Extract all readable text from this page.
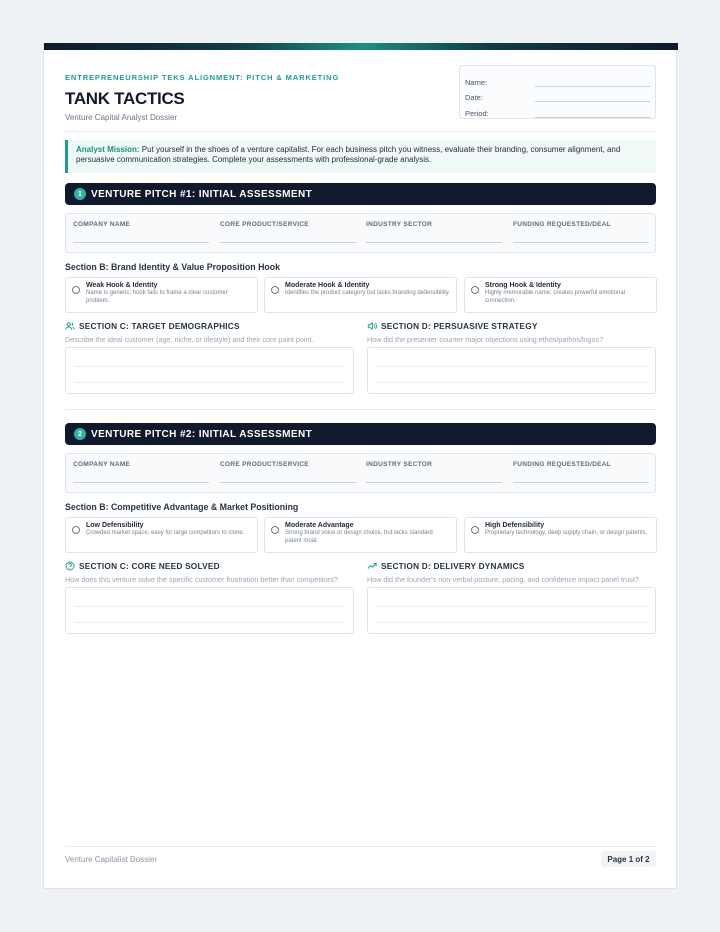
ENTREPRENEURSHIP TEKS ALIGNMENT: PITCH & MARKETING
TANK TACTICS
Venture Capital Analyst Dossier
Name:
Date:
Period:
Analyst Mission: Put yourself in the shoes of a venture capitalist. For each business pitch you witness, evaluate their branding, consumer alignment, and persuasive communication strategies. Complete your assessments with professional-grade analysis.
1 VENTURE PITCH #1: INITIAL ASSESSMENT
COMPANY NAME	CORE PRODUCT/SERVICE	INDUSTRY SECTOR	FUNDING REQUESTED/DEAL
Section B: Brand Identity & Value Proposition Hook
Weak Hook & Identity
Name is generic; hook fails to frame a clear customer problem.
Moderate Hook & Identity
Identifies the product category but lacks branding defensibility.
Strong Hook & Identity
Highly memorable name; creates powerful emotional connection.
SECTION C: TARGET DEMOGRAPHICS
Describe the ideal customer (age, niche, or lifestyle) and their core paint point.
SECTION D: PERSUASIVE STRATEGY
How did the presenter counter major objections using ethos/pathos/logos?
2 VENTURE PITCH #2: INITIAL ASSESSMENT
COMPANY NAME	CORE PRODUCT/SERVICE	INDUSTRY SECTOR	FUNDING REQUESTED/DEAL
Section B: Competitive Advantage & Market Positioning
Low Defensibility
Crowded market space; easy for large competitors to clone.
Moderate Advantage
Strong brand voice or design choice, but lacks standard patent moat.
High Defensibility
Proprietary technology, deep supply chain, or design patents.
SECTION C: CORE NEED SOLVED
How does this venture solve the specific customer frustration better than competitors?
SECTION D: DELIVERY DYNAMICS
How did the founder's non-verbal posture, pacing, and confidence impact panel trust?
Venture Capitalist Dossier	Page 1 of 2
